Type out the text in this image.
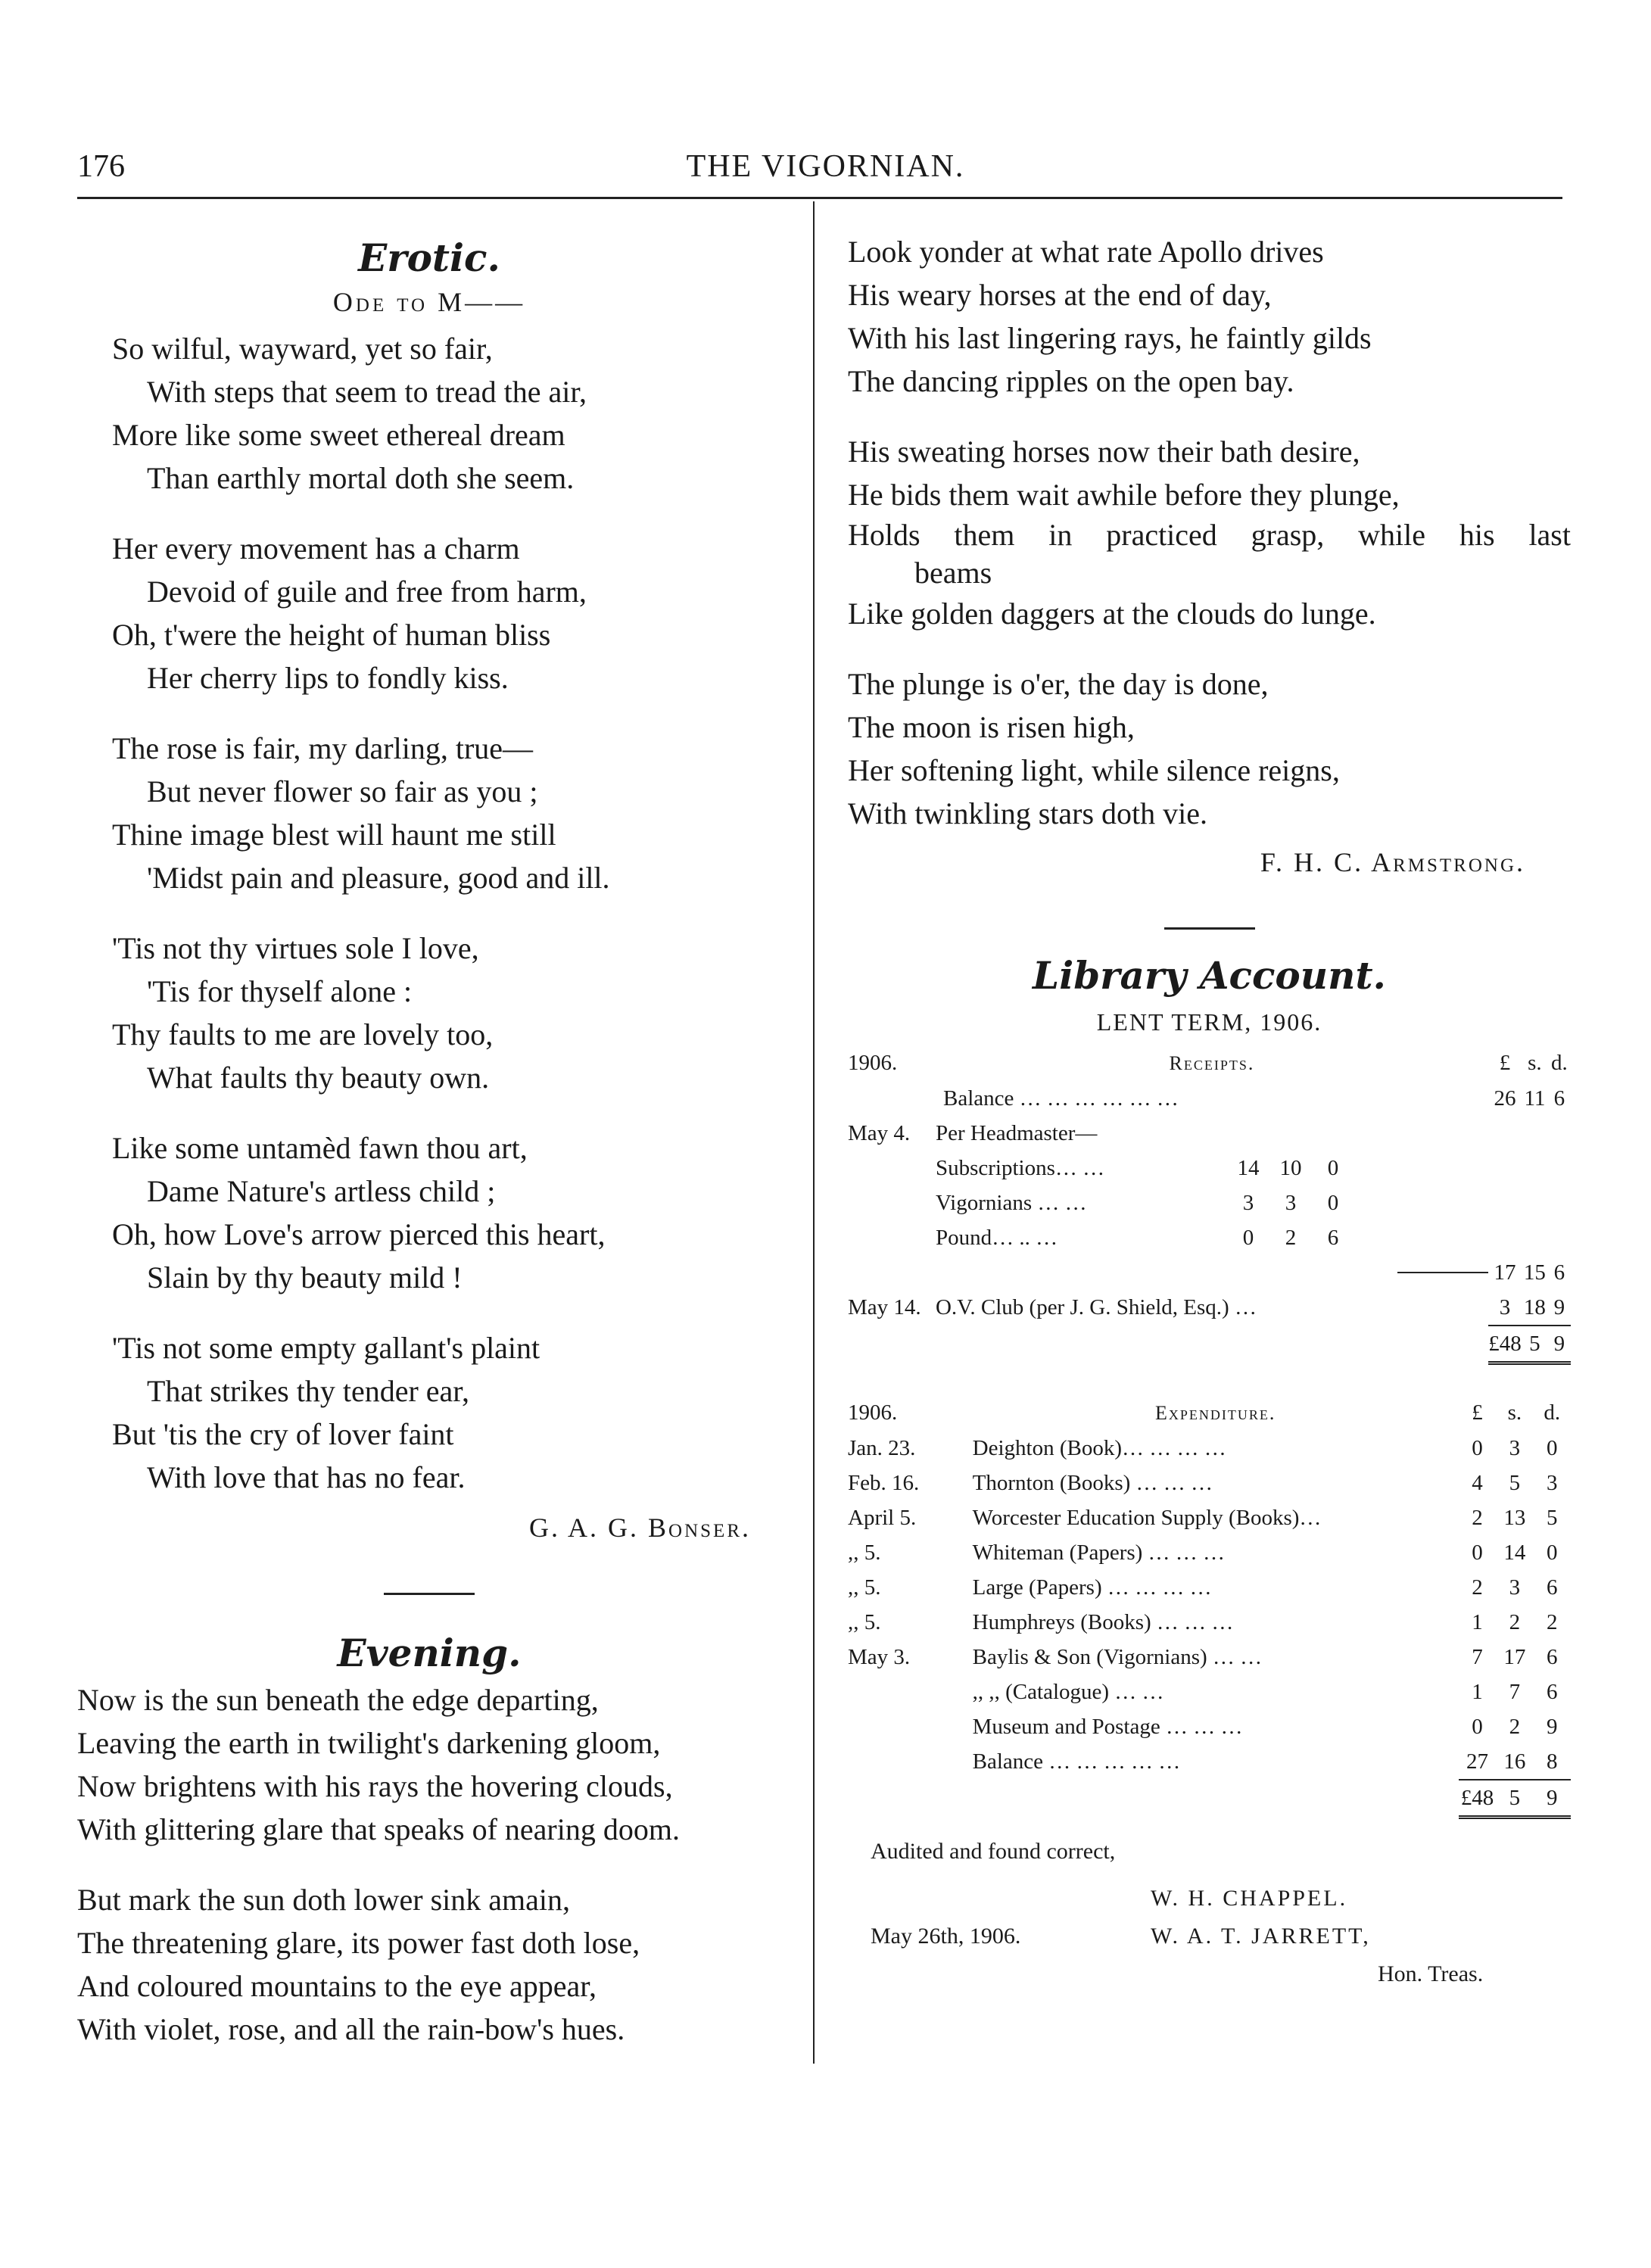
176	THE VIGORNIAN.
Erotic.
Ode to M——
So wilful, wayward, yet so fair,
With steps that seem to tread the air,
More like some sweet ethereal dream
Than earthly mortal doth she seem.
Her every movement has a charm
Devoid of guile and free from harm,
Oh, t'were the height of human bliss
Her cherry lips to fondly kiss.
The rose is fair, my darling, true—
But never flower so fair as you ;
Thine image blest will haunt me still
'Midst pain and pleasure, good and ill.
'Tis not thy virtues sole I love,
'Tis for thyself alone :
Thy faults to me are lovely too,
What faults thy beauty own.
Like some untamèd fawn thou art,
Dame Nature's artless child ;
Oh, how Love's arrow pierced this heart,
Slain by thy beauty mild !
'Tis not some empty gallant's plaint
That strikes thy tender ear,
But 'tis the cry of lover faint
With love that has no fear.
G. A. G. Bonser.
Evening.
Now is the sun beneath the edge departing,
Leaving the earth in twilight's darkening gloom,
Now brightens with his rays the hovering clouds,
With glittering glare that speaks of nearing doom.
But mark the sun doth lower sink amain,
The threatening glare, its power fast doth lose,
And coloured mountains to the eye appear,
With violet, rose, and all the rain-bow's hues.
Look yonder at what rate Apollo drives
His weary horses at the end of day,
With his last lingering rays, he faintly gilds
The dancing ripples on the open bay.
His sweating horses now their bath desire,
He bids them wait awhile before they plunge,
Holds them in practiced grasp, while his last beams
Like golden daggers at the clouds do lunge.
The plunge is o'er, the day is done,
The moon is risen high,
Her softening light, while silence reigns,
With twinkling stars doth vie.
F. H. C. Armstrong.
Library Account.
LENT TERM, 1906.
1906.	Receipts.	£	s.	d.
	Balance … … … … … …	26	11	6
May 4.	Per Headmaster—			
	Subscriptions… … 14 10 0			
	Vigornians … … 3 3 0			
	Pound… .. … 0 2 6			

	17	15	6
May 14.	O.V. Club (per J. G. Shield, Esq.) …	3	18	9
		£48	5	9
1906.	Expenditure.	£	s.	d.
Jan. 23.	Deighton (Book)… … … …	0	3	0
Feb. 16.	Thornton (Books) … … …	4	5	3
April 5.	Worcester Education Supply (Books)…	2	13	5
,, 5.	Whiteman (Papers) … … …	0	14	0
,, 5.	Large (Papers) … … … …	2	3	6
,, 5.	Humphreys (Books) … … …	1	2	2
May 3.	Baylis & Son (Vigornians) … …	7	17	6
	,, ,, (Catalogue) … …	1	7	6
	Museum and Postage … … …	0	2	9
	Balance … … … … …	27	16	8
		£48	5	9
Audited and found correct,
W. H. CHAPPEL.
May 26th, 1906.	W. A. T. JARRETT,
Hon. Treas.
